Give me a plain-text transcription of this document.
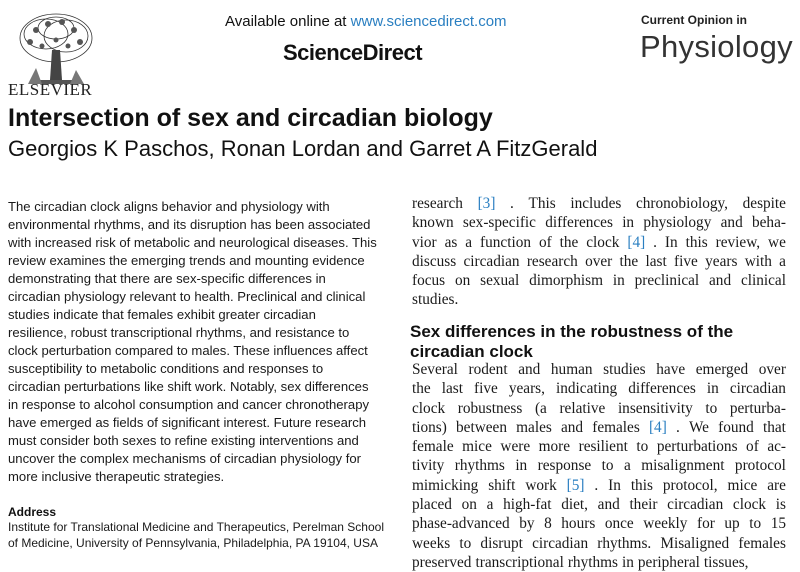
ELSEVIER
Available online at www.sciencedirect.com
ScienceDirect
Current Opinion in
Physiology
Intersection of sex and circadian biology
Georgios K Paschos, Ronan Lordan and Garret A FitzGerald
The circadian clock aligns behavior and physiology with
environmental rhythms, and its disruption has been associated
with increased risk of metabolic and neurological diseases. This
review examines the emerging trends and mounting evidence
demonstrating that there are sex-specific differences in
circadian physiology relevant to health. Preclinical and clinical
studies indicate that females exhibit greater circadian
resilience, robust transcriptional rhythms, and resistance to
clock perturbation compared to males. These influences affect
susceptibility to metabolic conditions and responses to
circadian perturbations like shift work. Notably, sex differences
in response to alcohol consumption and cancer chronotherapy
have emerged as fields of significant interest. Future research
must consider both sexes to refine existing interventions and
uncover the complex mechanisms of circadian physiology for
more inclusive therapeutic strategies.
Address
Institute for Translational Medicine and Therapeutics, Perelman School
of Medicine, University of Pennsylvania, Philadelphia, PA 19104, USA
research [3] . This includes chronobiology, despite
known sex-specific differences in physiology and beha-
vior as a function of the clock [4] . In this review, we
discuss circadian research over the last five years with a
focus on sexual dimorphism in preclinical and clinical
studies.
Sex differences in the robustness of the
circadian clock
Several rodent and human studies have emerged over
the last five years, indicating differences in circadian
clock robustness (a relative insensitivity to perturba-
tions) between males and females [4] . We found that
female mice were more resilient to perturbations of ac-
tivity rhythms in response to a misalignment protocol
mimicking shift work [5] . In this protocol, mice are
placed on a high-fat diet, and their circadian clock is
phase-advanced by 8 hours once weekly for up to 15
weeks to disrupt circadian rhythms. Misaligned females
preserved transcriptional rhythms in peripheral tissues,
